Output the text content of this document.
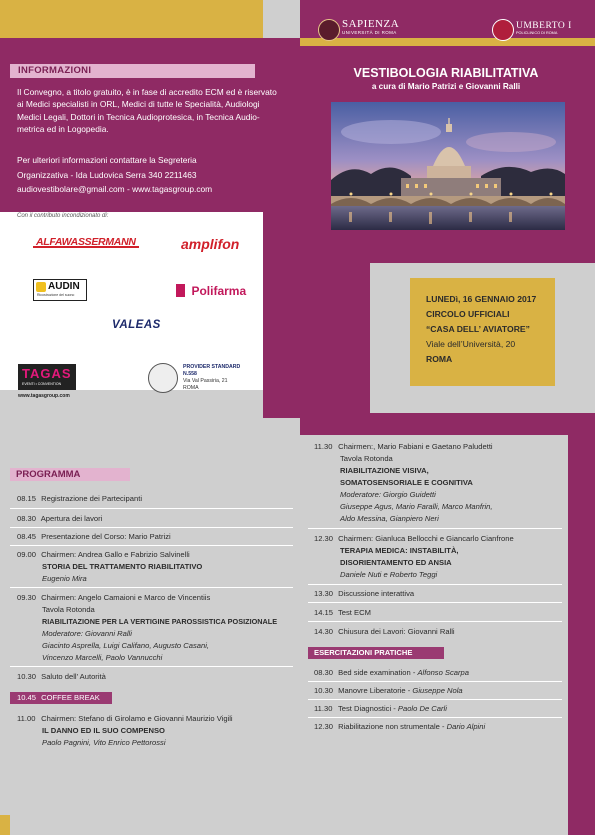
INFORMAZIONI
Il Convegno, a titolo gratuito, è in fase di accredito ECM ed è riservato
ai Medici specialisti in ORL, Medici di tutte le Specialità, Audiologi
Medici Legali, Dottori in Tecnica Audioprotesica, in Tecnica Audio-
metrica ed in Logopedia.
Per ulteriori informazioni contattare la Segreteria
Organizzativa - Ida Ludovica Serra 340 2211463
audiovestibolare@gmail.com - www.tagasgroup.com
Con il contributo incondizionato di:
ALFAWASSERMANN	amplifon
AUDIN
Ricostruzione del suono	Polifarma
VALEAS
TAGAS
EVENTI • CONVENTION
www.tagasgroup.com
PROVIDER STANDARD
N.558
Via Val Passiria, 21
ROMA
SAPIENZA
UNIVERSITÀ DI ROMA
UMBERTO I
POLICLINICO DI ROMA
VESTIBOLOGIA RIABILITATIVA
a cura di Mario Patrizi e Giovanni Ralli
LUNEDì, 16 GENNAIO 2017
CIRCOLO UFFICIALI
“CASA DELL’ AVIATORE”
Viale dell’Università, 20
ROMA
PROGRAMMA
08.15 Registrazione dei Partecipanti
08.30 Apertura dei lavori
08.45 Presentazione del Corso: Mario Patrizi
09.00 Chairmen: Andrea Gallo e Fabrizio Salvinelli
STORIA DEL TRATTAMENTO RIABILITATIVO
Eugenio Mira
09.30 Chairmen: Angelo Camaioni e Marco de Vincentiis
Tavola Rotonda
RIABILITAZIONE PER LA VERTIGINE PAROSSISTICA POSIZIONALE
Moderatore: Giovanni Ralli
Giacinto Asprella, Luigi Califano, Augusto Casani,
Vincenzo Marcelli, Paolo Vannucchi
10.30 Saluto dell’ Autorità
10.45 COFFEE BREAK
11.00 Chairmen: Stefano di Girolamo e Giovanni Maurizio Vigili
IL DANNO ED IL SUO COMPENSO
Paolo Pagnini, Vito Enrico Pettorossi
11.30 Chairmen:, Mario Fabiani e Gaetano Paludetti
Tavola Rotonda
RIABILITAZIONE VISIVA,
SOMATOSENSORIALE E COGNITIVA
Moderatore: Giorgio Guidetti
Giuseppe Agus, Mario Faralli, Marco Manfrin,
Aldo Messina, Gianpiero Neri
12.30 Chairmen: Gianluca Bellocchi e Giancarlo Cianfrone
TERAPIA MEDICA: INSTABILITÀ,
DISORIENTAMENTO ED ANSIA
Daniele Nuti e Roberto Teggi
13.30 Discussione interattiva
14.15 Test ECM
14.30 Chiusura dei Lavori: Giovanni Ralli
ESERCITAZIONI PRATICHE
08.30 Bed side examination - Alfonso Scarpa
10.30 Manovre Liberatorie - Giuseppe Nola
11.30 Test Diagnostici - Paolo De Carli
12.30 Riabilitazione non strumentale - Dario Alpini
